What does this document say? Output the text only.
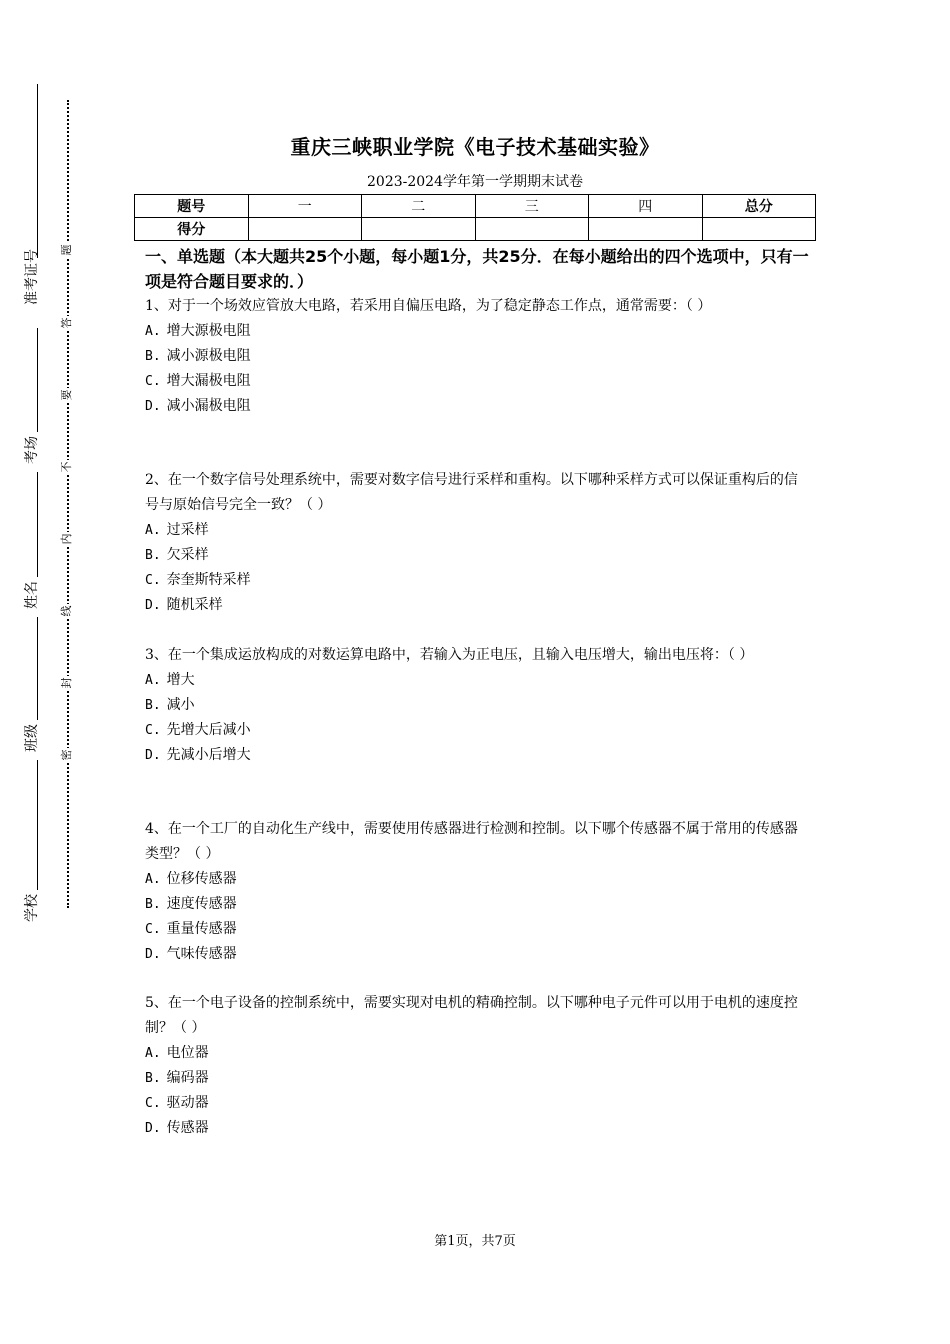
准考证号
考场
姓名
班级
学校
题
答
要
不
内
线
封
密
重庆三峡职业学院《电子技术基础实验》
2023-2024学年第一学期期末试卷
题号	一	二	三	四	总分
得分					
一、单选题（本大题共25个小题，每小题1分，共25分．在每小题给出的四个选项中，只有一项是符合题目要求的．）

1、对于一个场效应管放大电路，若采用自偏压电路，为了稳定静态工作点，通常需要：（ ）

A. 增大源极电阻
B. 减小源极电阻
C. 增大漏极电阻
D. 减小漏极电阻

2、在一个数字信号处理系统中，需要对数字信号进行采样和重构。以下哪种采样方式可以保证重构后的信号与原始信号完全一致？（ ）

A. 过采样
B. 欠采样
C. 奈奎斯特采样
D. 随机采样

3、在一个集成运放构成的对数运算电路中，若输入为正电压，且输入电压增大，输出电压将：（ ）

A. 增大
B. 减小
C. 先增大后减小
D. 先减小后增大

4、在一个工厂的自动化生产线中，需要使用传感器进行检测和控制。以下哪个传感器不属于常用的传感器类型？（ ）

A. 位移传感器
B. 速度传感器
C. 重量传感器
D. 气味传感器

5、在一个电子设备的控制系统中，需要实现对电机的精确控制。以下哪种电子元件可以用于电机的速度控制？（ ）

A. 电位器
B. 编码器
C. 驱动器
D. 传感器
第1页，共7页
